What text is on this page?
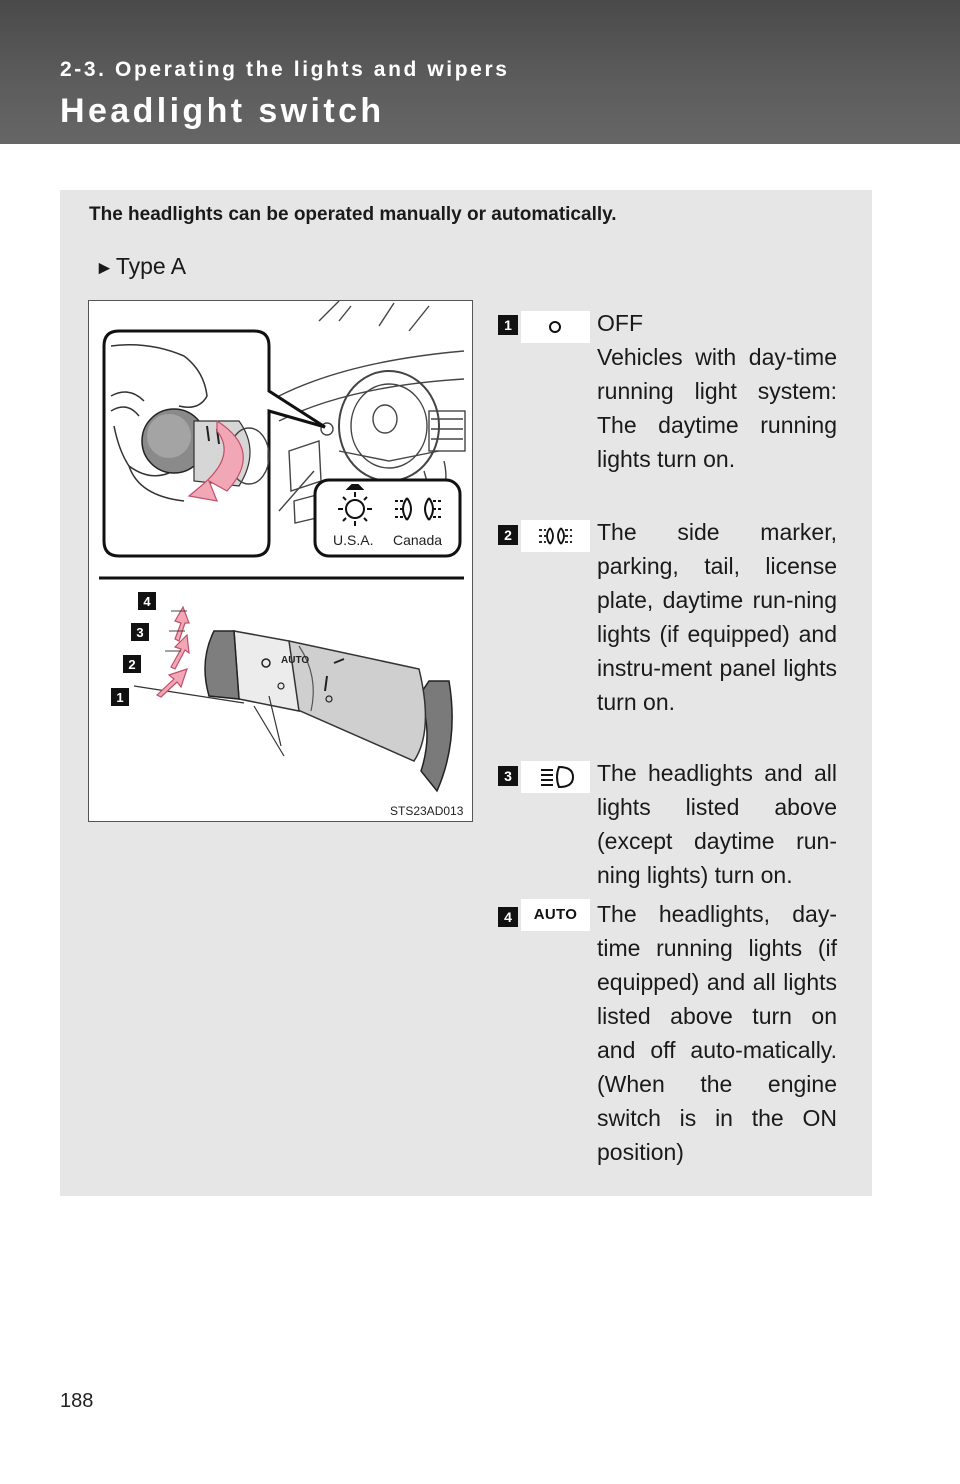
2-3. Operating the lights and wipers
Headlight switch
The headlights can be operated manually or automatically.
►Type A
U.S.A. Canada
AUTO
4
3
2
1
STS23AD013
1	OFF
Vehicles with day-time running light system: The daytime running lights turn on.
2	The side marker, parking, tail, license plate, daytime run-ning lights (if equipped) and instru-ment panel lights turn on.
3	The headlights and all lights listed above (except daytime run-ning lights) turn on.
4	AUTO The headlights, day-time running lights (if equipped) and all lights listed above turn on and off auto-matically. (When the engine switch is in the ON position)
188
